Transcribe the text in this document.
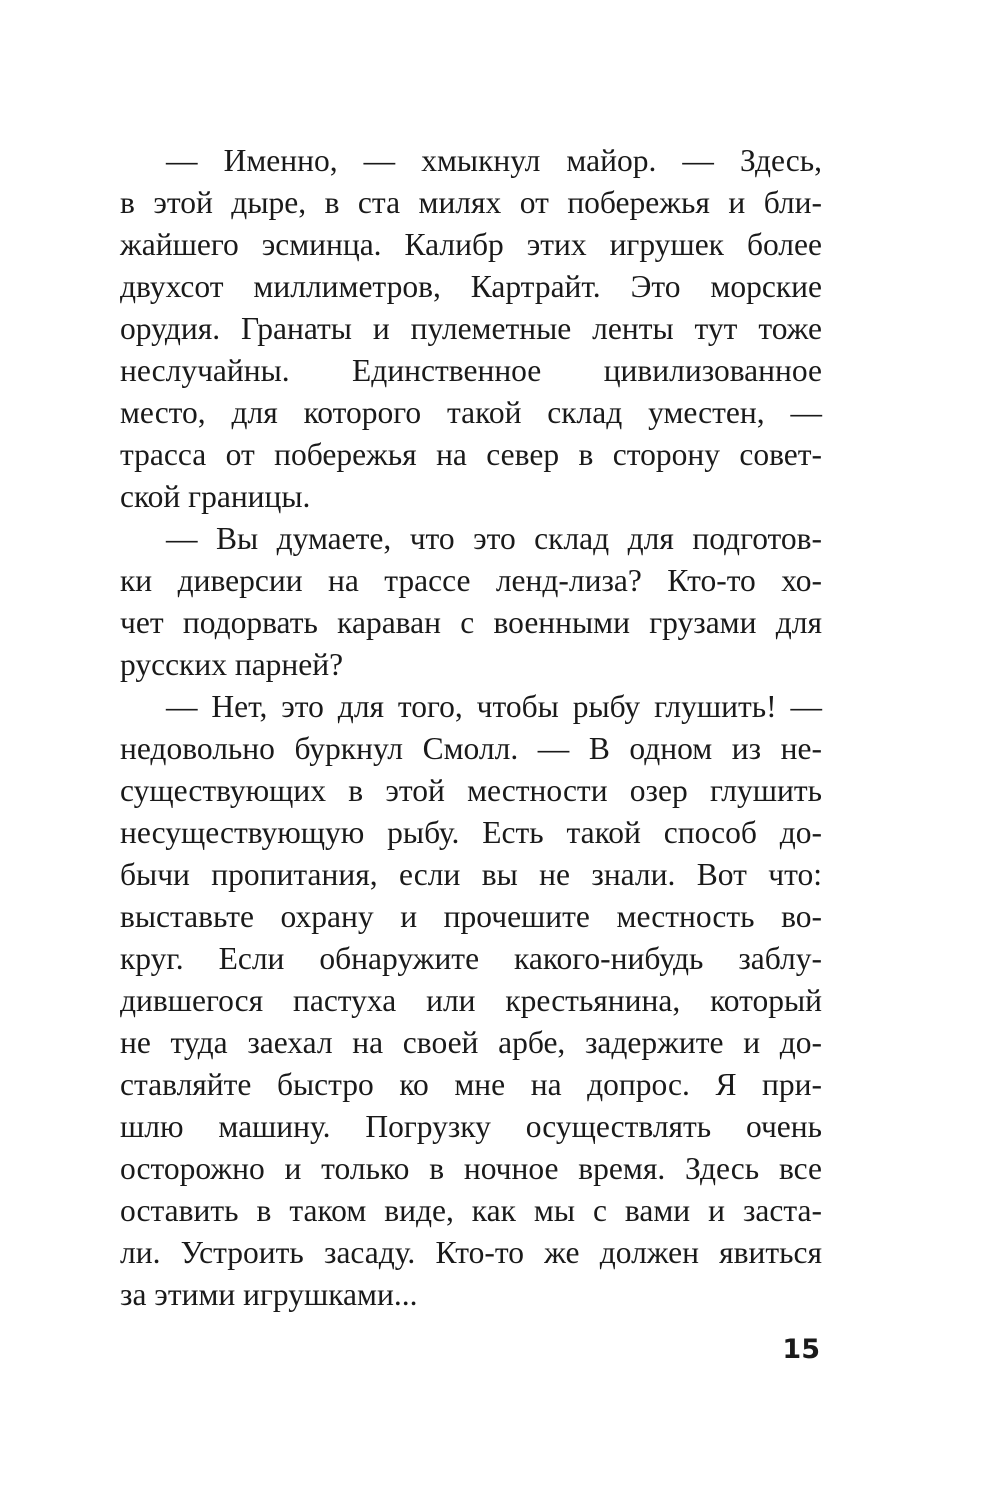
— Именно, — хмыкнул майор. — Здесь,
в этой дыре, в ста милях от побережья и бли-
жайшего эсминца. Калибр этих игрушек более
двухсот миллиметров, Картрайт. Это морские
орудия. Гранаты и пулеметные ленты тут тоже
неслучайны. Единственное цивилизованное
место, для которого такой склад уместен, —
трасса от побережья на север в сторону совет-
ской границы.
— Вы думаете, что это склад для подготов-
ки диверсии на трассе ленд-лиза? Кто-то хо-
чет подорвать караван с военными грузами для
русских парней?
— Нет, это для того, чтобы рыбу глушить! —
недовольно буркнул Смолл. — В одном из не-
существующих в этой местности озер глушить
несуществующую рыбу. Есть такой способ до-
бычи пропитания, если вы не знали. Вот что:
выставьте охрану и прочешите местность во-
круг. Если обнаружите какого-нибудь заблу-
дившегося пастуха или крестьянина, который
не туда заехал на своей арбе, задержите и до-
ставляйте быстро ко мне на допрос. Я при-
шлю машину. Погрузку осуществлять очень
осторожно и только в ночное время. Здесь все
оставить в таком виде, как мы с вами и заста-
ли. Устроить засаду. Кто-то же должен явиться
за этими игрушками...
15
